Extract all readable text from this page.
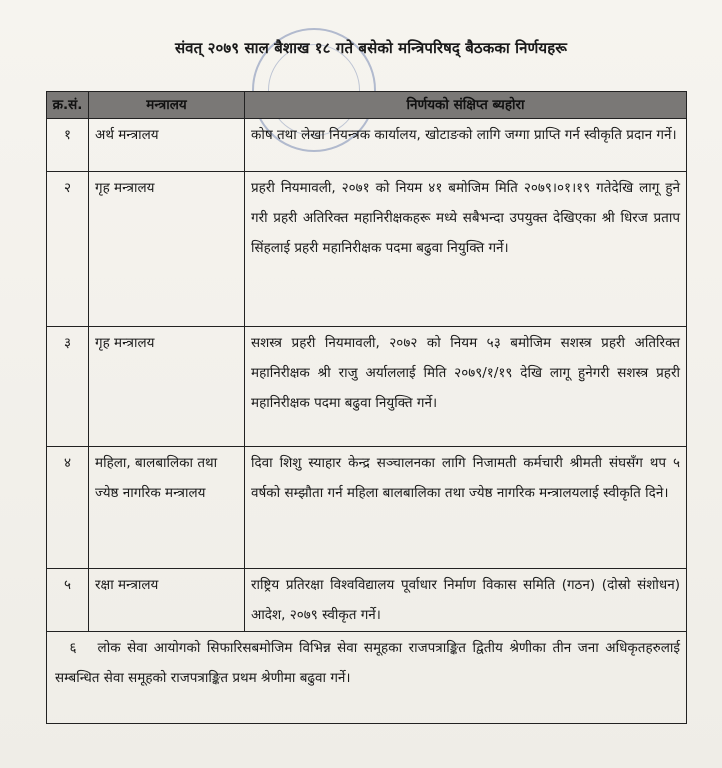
संवत् २०७९ साल बैशाख १८ गते बसेको मन्त्रिपरिषद् बैठकका निर्णयहरू
क्र.सं.	मन्त्रालय	निर्णयको संक्षिप्त ब्यहोरा
१	अर्थ मन्त्रालय	कोष तथा लेखा नियन्त्रक कार्यालय, खोटाङको लागि जग्गा प्राप्ति गर्न स्वीकृति प्रदान गर्ने।
२	गृह मन्त्रालय	प्रहरी नियमावली, २०७१ को नियम ४१ बमोजिम मिति २०७९।०१।१९ गतेदेखि लागू हुने गरी प्रहरी अतिरिक्त महानिरीक्षकहरू मध्ये सबैभन्दा उपयुक्त देखिएका श्री धिरज प्रताप सिंहलाई प्रहरी महानिरीक्षक पदमा बढुवा नियुक्ति गर्ने।
३	गृह मन्त्रालय	सशस्त्र प्रहरी नियमावली, २०७२ को नियम ५३ बमोजिम सशस्त्र प्रहरी अतिरिक्त महानिरीक्षक श्री राजु अर्याललाई मिति २०७९/१/१९ देखि लागू हुनेगरी सशस्त्र प्रहरी महानिरीक्षक पदमा बढुवा नियुक्ति गर्ने।
४	महिला, बालबालिका तथा ज्येष्ठ नागरिक मन्त्रालय	दिवा शिशु स्याहार केन्द्र सञ्चालनका लागि निजामती कर्मचारी श्रीमती संघसँग थप ५ वर्षको सम्झौता गर्न महिला बालबालिका तथा ज्येष्ठ नागरिक मन्त्रालयलाई स्वीकृति दिने।
५	रक्षा मन्त्रालय	राष्ट्रिय प्रतिरक्षा विश्वविद्यालय पूर्वाधार निर्माण विकास समिति (गठन) (दोस्रो संशोधन) आदेश, २०७९ स्वीकृत गर्ने।
६ लोक सेवा आयोगको सिफारिसबमोजिम विभिन्न सेवा समूहका राजपत्राङ्कित द्वितीय श्रेणीका तीन जना अधिकृतहरुलाई सम्बन्धित सेवा समूहको राजपत्राङ्कित प्रथम श्रेणीमा बढुवा गर्ने।		
